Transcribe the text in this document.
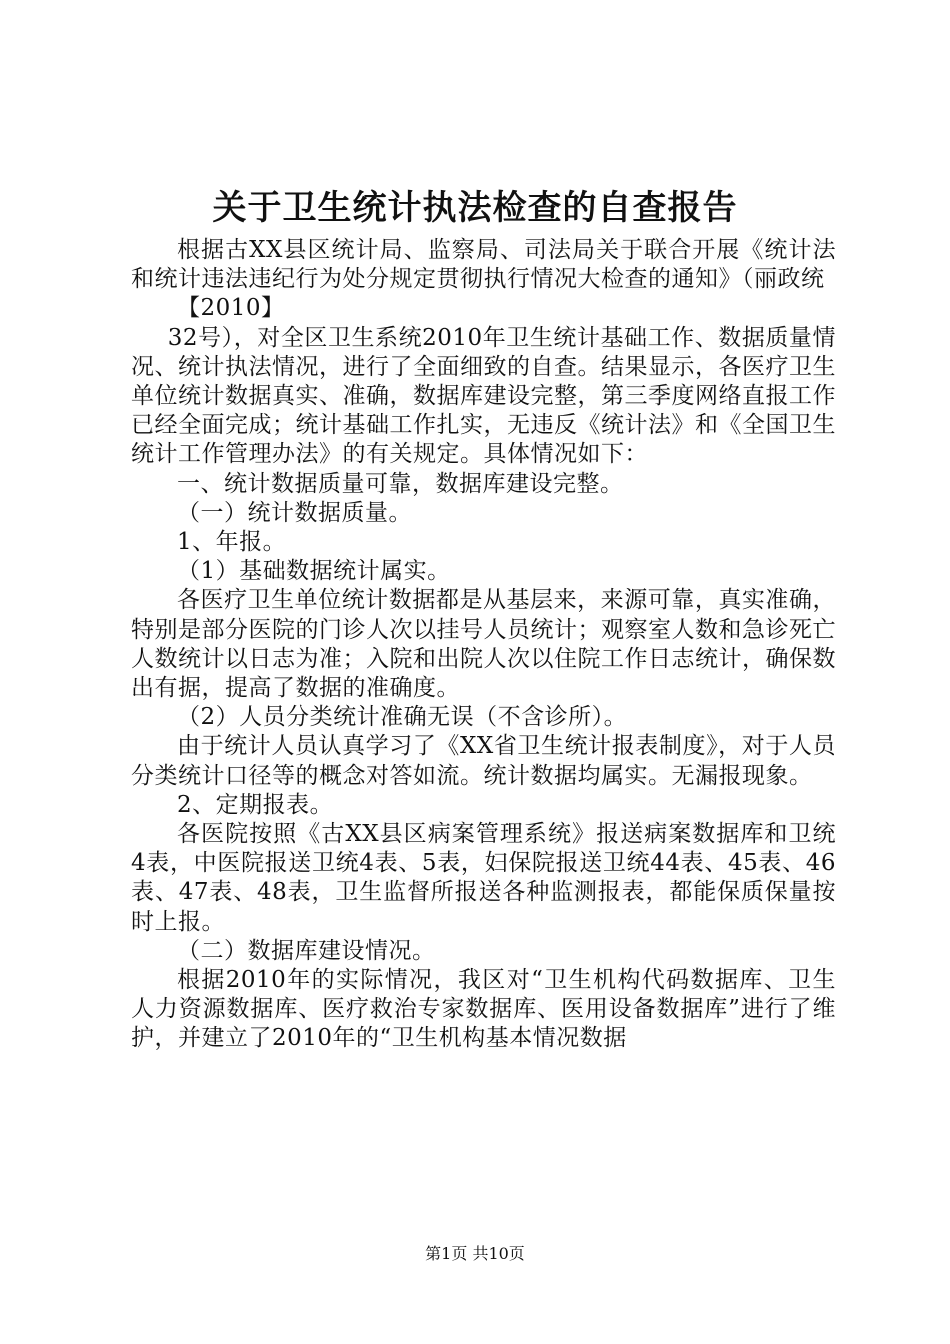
关于卫生统计执法检查的自查报告

根据古XX县区统计局、监察局、司法局关于联合开展《统计法和统计违法违纪行为处分规定贯彻执行情况大检查的通知》（丽政统

【2010】

32号），对全区卫生系统2010年卫生统计基础工作、数据质量情况、统计执法情况，进行了全面细致的自查。结果显示，各医疗卫生单位统计数据真实、准确，数据库建设完整，第三季度网络直报工作已经全面完成；统计基础工作扎实，无违反《统计法》和《全国卫生统计工作管理办法》的有关规定。具体情况如下：

一、统计数据质量可靠，数据库建设完整。

（一）统计数据质量。

1、年报。

（1）基础数据统计属实。

各医疗卫生单位统计数据都是从基层来，来源可靠，真实准确，特别是部分医院的门诊人次以挂号人员统计；观察室人数和急诊死亡人数统计以日志为准；入院和出院人次以住院工作日志统计，确保数出有据，提高了数据的准确度。

（2）人员分类统计准确无误（不含诊所）。

由于统计人员认真学习了《XX省卫生统计报表制度》，对于人员分类统计口径等的概念对答如流。统计数据均属实。无漏报现象。

2、定期报表。

各医院按照《古XX县区病案管理系统》报送病案数据库和卫统4表，中医院报送卫统4表、5表，妇保院报送卫统44表、45表、46表、47表、48表，卫生监督所报送各种监测报表，都能保质保量按时上报。

（二）数据库建设情况。

根据2010年的实际情况，我区对“卫生机构代码数据库、卫生人力资源数据库、医疗救治专家数据库、医用设备数据库”进行了维护，并建立了2010年的“卫生机构基本情况数据

第1页 共10页
